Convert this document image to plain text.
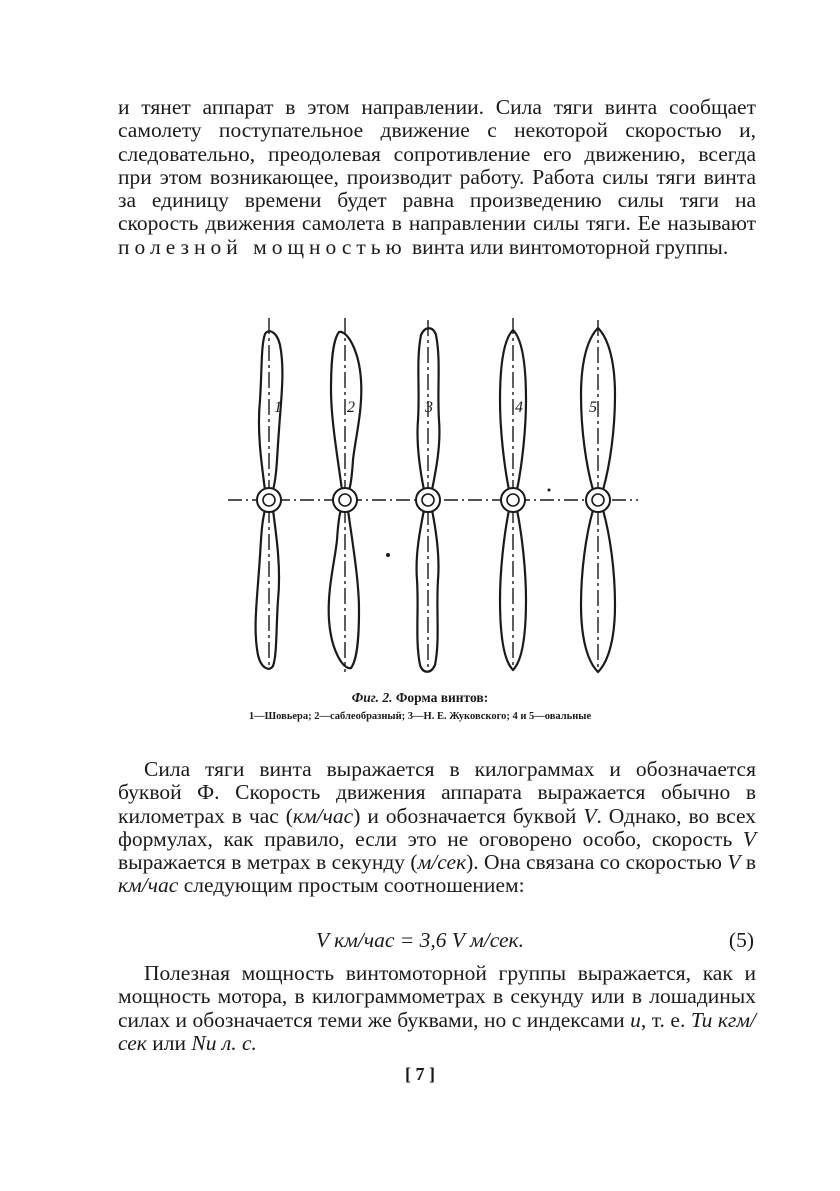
и тянет аппарат в этом направлении. Сила тяги винта сообщает самолету поступательное движение с некоторой скоростью и, следовательно, преодолевая сопротивление его движению, всегда при этом возникающее, производит работу. Работа силы тяги винта за единицу времени будет равна произведению силы тяги на скорость движения самолета в направлении силы тяги. Ее называют полезной мощностью винта или винтомоторной группы.

1	2	3	4	5
Фиг. 2. Форма винтов:
1—Шовьера; 2—саблеобразный; 3—Н. Е. Жуковского; 4 и 5—овальные

Сила тяги винта выражается в килограммах и обозначается буквой Ф. Скорость движения аппарата выражается обычно в километрах в час (км/час) и обозначается буквой V. Однако, во всех формулах, как правило, если это не оговорено особо, скорость V выражается в метрах в секунду (м/сек). Она связана со скоростью V в км/час следующим простым соотношением:

V км/час = 3,6 V м/сек.	(5)

Полезная мощность винтомоторной группы выражается, как и мощность мотора, в килограммометрах в секунду или в лошадиных силах и обозначается теми же буквами, но с индексами u, т. е. Tu кгм/сек или Nu л. с.

[ 7 ]
